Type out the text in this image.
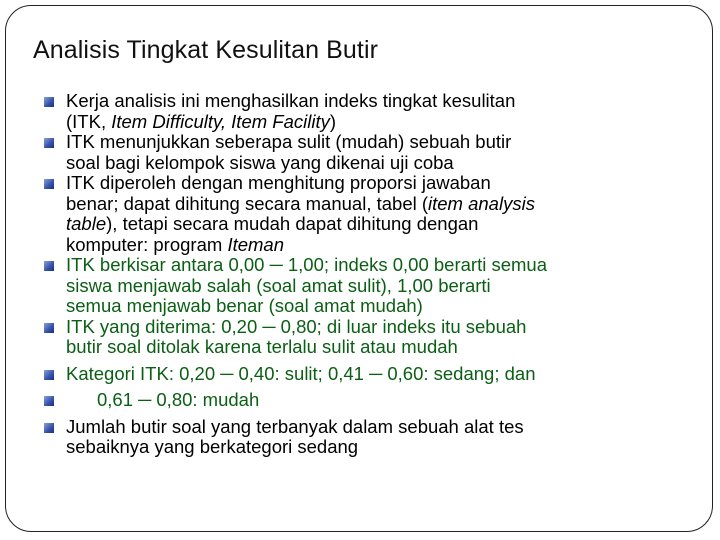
Analisis Tingkat Kesulitan Butir
Kerja analisis ini menghasilkan indeks tingkat kesulitan
(ITK, Item Difficulty, Item Facility)
ITK menunjukkan seberapa sulit (mudah) sebuah butir
soal bagi kelompok siswa yang dikenai uji coba
ITK diperoleh dengan menghitung proporsi jawaban
benar; dapat dihitung secara manual, tabel (item analysis
table), tetapi secara mudah dapat dihitung dengan
komputer: program Iteman
ITK berkisar antara 0,00 ─ 1,00; indeks 0,00 berarti semua
siswa menjawab salah (soal amat sulit), 1,00 berarti
semua menjawab benar (soal amat mudah)
ITK yang diterima: 0,20 ─ 0,80; di luar indeks itu sebuah
butir soal ditolak karena terlalu sulit atau mudah
Kategori ITK: 0,20 ─ 0,40: sulit; 0,41 ─ 0,60: sedang; dan
0,61 ─ 0,80: mudah
Jumlah butir soal yang terbanyak dalam sebuah alat tes
sebaiknya yang berkategori sedang
